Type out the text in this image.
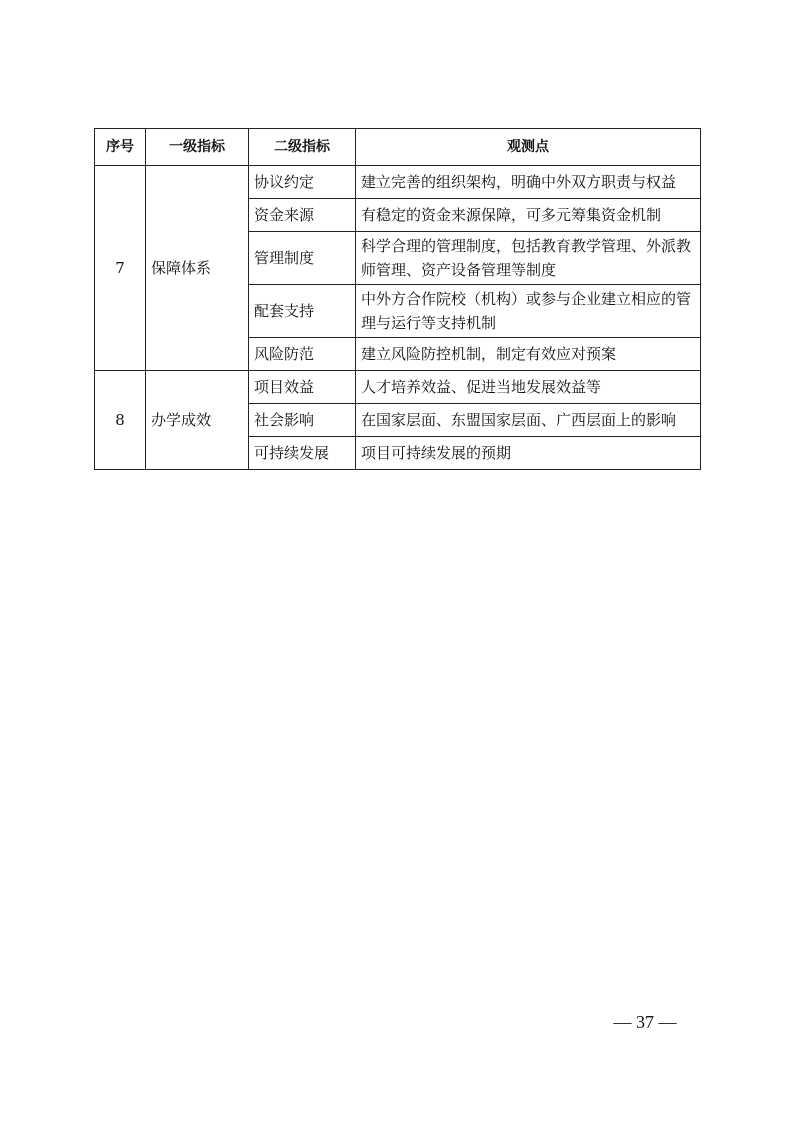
序号	一级指标	二级指标	观测点
7	保障体系	协议约定	建立完善的组织架构，明确中外双方职责与权益
		资金来源	有稳定的资金来源保障，可多元筹集资金机制
		管理制度	科学合理的管理制度，包括教育教学管理、外派教师管理、资产设备管理等制度
		配套支持	中外方合作院校（机构）或参与企业建立相应的管理与运行等支持机制
		风险防范	建立风险防控机制，制定有效应对预案
8	办学成效	项目效益	人才培养效益、促进当地发展效益等
		社会影响	在国家层面、东盟国家层面、广西层面上的影响
		可持续发展	项目可持续发展的预期
— 37 —
